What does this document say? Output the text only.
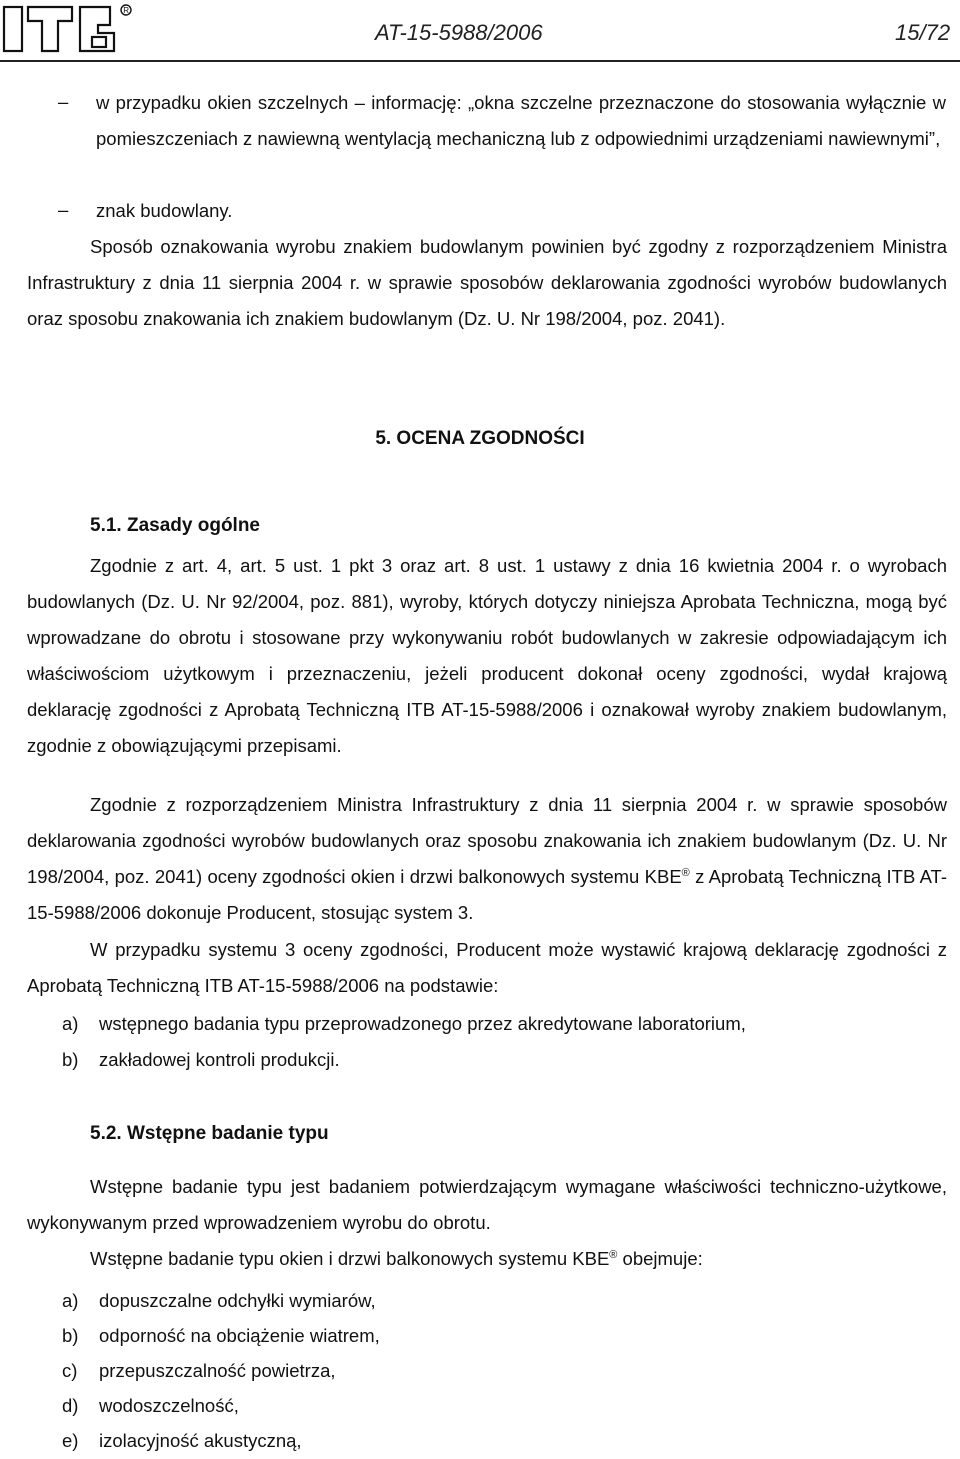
R
AT-15-5988/2006	15/72
– w przypadku okien szczelnych – informację: „okna szczelne przeznaczone do stosowania wyłącznie w pomieszczeniach z nawiewną wentylacją mechaniczną lub z odpowiednimi urządzeniami nawiewnymi”,
– znak budowlany.
Sposób oznakowania wyrobu znakiem budowlanym powinien być zgodny z rozporządzeniem Ministra Infrastruktury z dnia 11 sierpnia 2004 r. w sprawie sposobów deklarowania zgodności wyrobów budowlanych oraz sposobu znakowania ich znakiem budowlanym (Dz. U. Nr 198/2004, poz. 2041).
5. OCENA ZGODNOŚCI
5.1. Zasady ogólne
Zgodnie z art. 4, art. 5 ust. 1 pkt 3 oraz art. 8 ust. 1 ustawy z dnia 16 kwietnia 2004 r. o wyrobach budowlanych (Dz. U. Nr 92/2004, poz. 881), wyroby, których dotyczy niniejsza Aprobata Techniczna, mogą być wprowadzane do obrotu i stosowane przy wykonywaniu robót budowlanych w zakresie odpowiadającym ich właściwościom użytkowym i przeznaczeniu, jeżeli producent dokonał oceny zgodności, wydał krajową deklarację zgodności z Aprobatą Techniczną ITB AT-15-5988/2006 i oznakował wyroby znakiem budowlanym, zgodnie z obowiązującymi przepisami.
Zgodnie z rozporządzeniem Ministra Infrastruktury z dnia 11 sierpnia 2004 r. w sprawie sposobów deklarowania zgodności wyrobów budowlanych oraz sposobu znakowania ich znakiem budowlanym (Dz. U. Nr 198/2004, poz. 2041) oceny zgodności okien i drzwi balkonowych systemu KBE® z Aprobatą Techniczną ITB AT-15-5988/2006 dokonuje Producent, stosując system 3.
W przypadku systemu 3 oceny zgodności, Producent może wystawić krajową deklarację zgodności z Aprobatą Techniczną ITB AT-15-5988/2006 na podstawie:
a) wstępnego badania typu przeprowadzonego przez akredytowane laboratorium,
b) zakładowej kontroli produkcji.
5.2. Wstępne badanie typu
Wstępne badanie typu jest badaniem potwierdzającym wymagane właściwości techniczno-użytkowe, wykonywanym przed wprowadzeniem wyrobu do obrotu.
Wstępne badanie typu okien i drzwi balkonowych systemu KBE® obejmuje:
a) dopuszczalne odchyłki wymiarów,
b) odporność na obciążenie wiatrem,
c) przepuszczalność powietrza,
d) wodoszczelność,
e) izolacyjność akustyczną,
